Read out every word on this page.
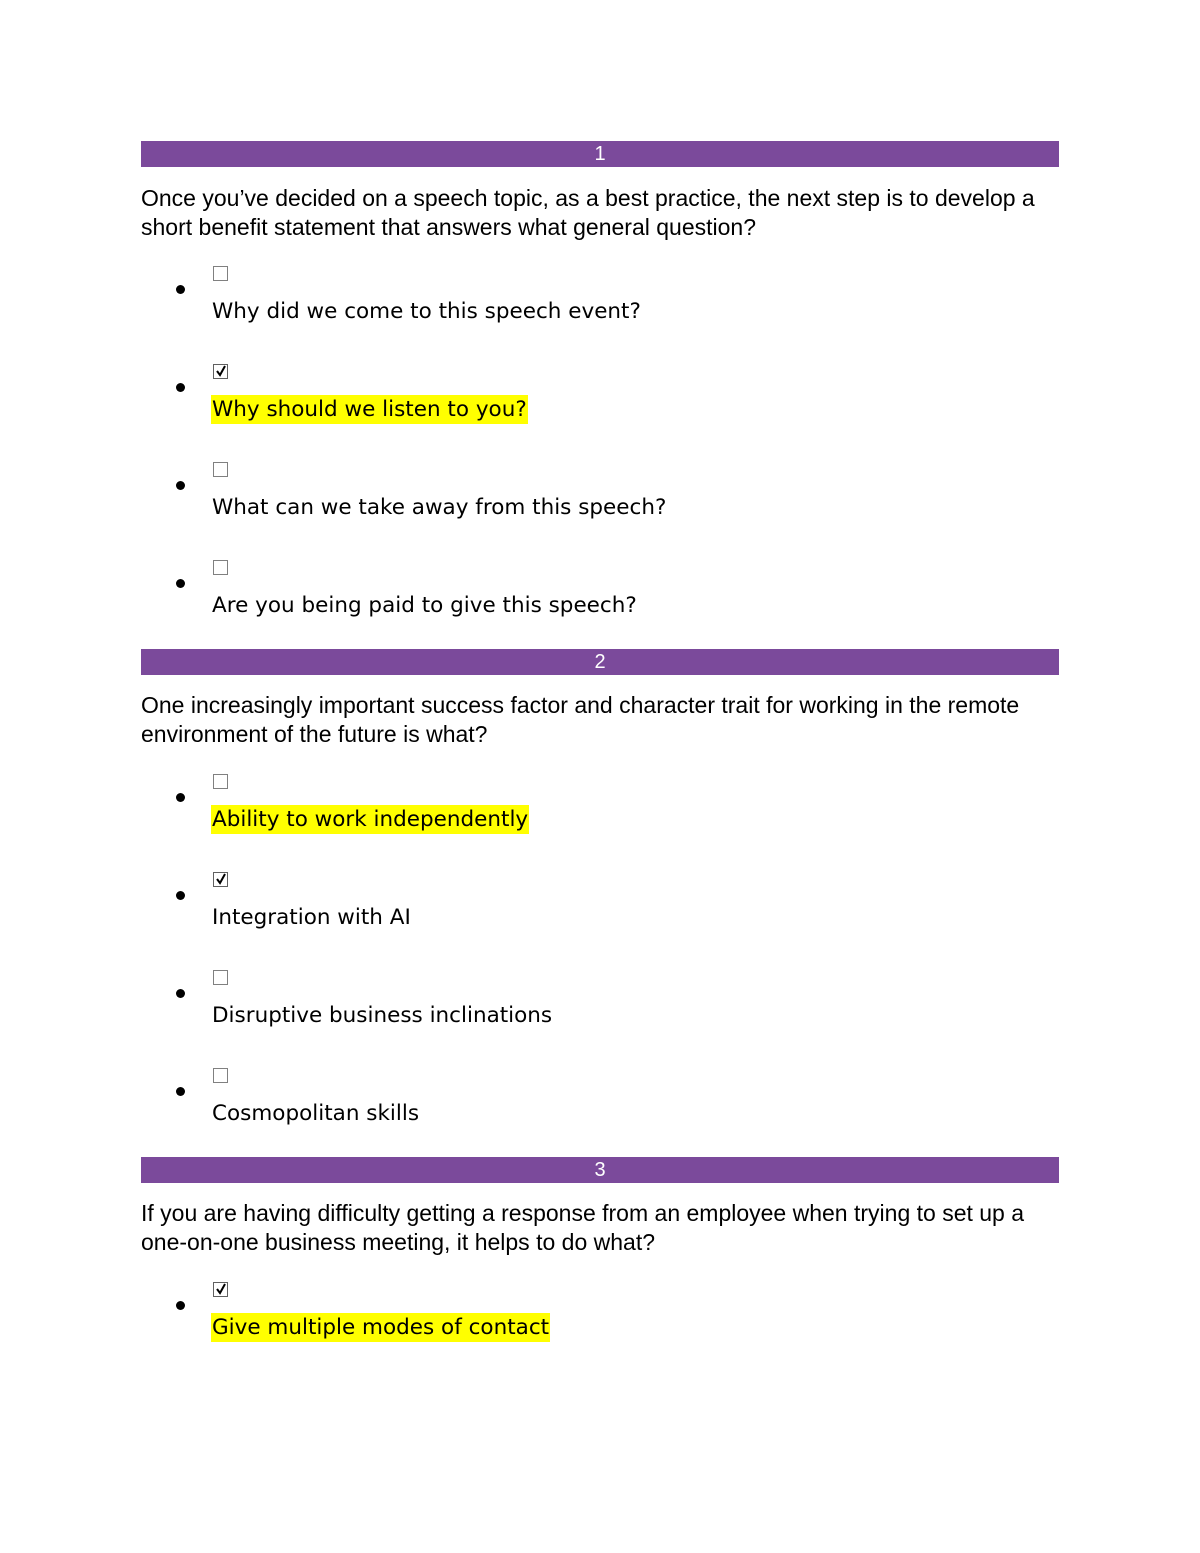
1

Once you’ve decided on a speech topic, as a best practice, the next step is to develop a short benefit statement that answers what general question?

Why did we come to this speech event?
Why should we listen to you?
What can we take away from this speech?
Are you being paid to give this speech?
2

One increasingly important success factor and character trait for working in the remote environment of the future is what?

Ability to work independently
Integration with AI
Disruptive business inclinations
Cosmopolitan skills
3

If you are having difficulty getting a response from an employee when trying to set up a one-on-one business meeting, it helps to do what?

Give multiple modes of contact
